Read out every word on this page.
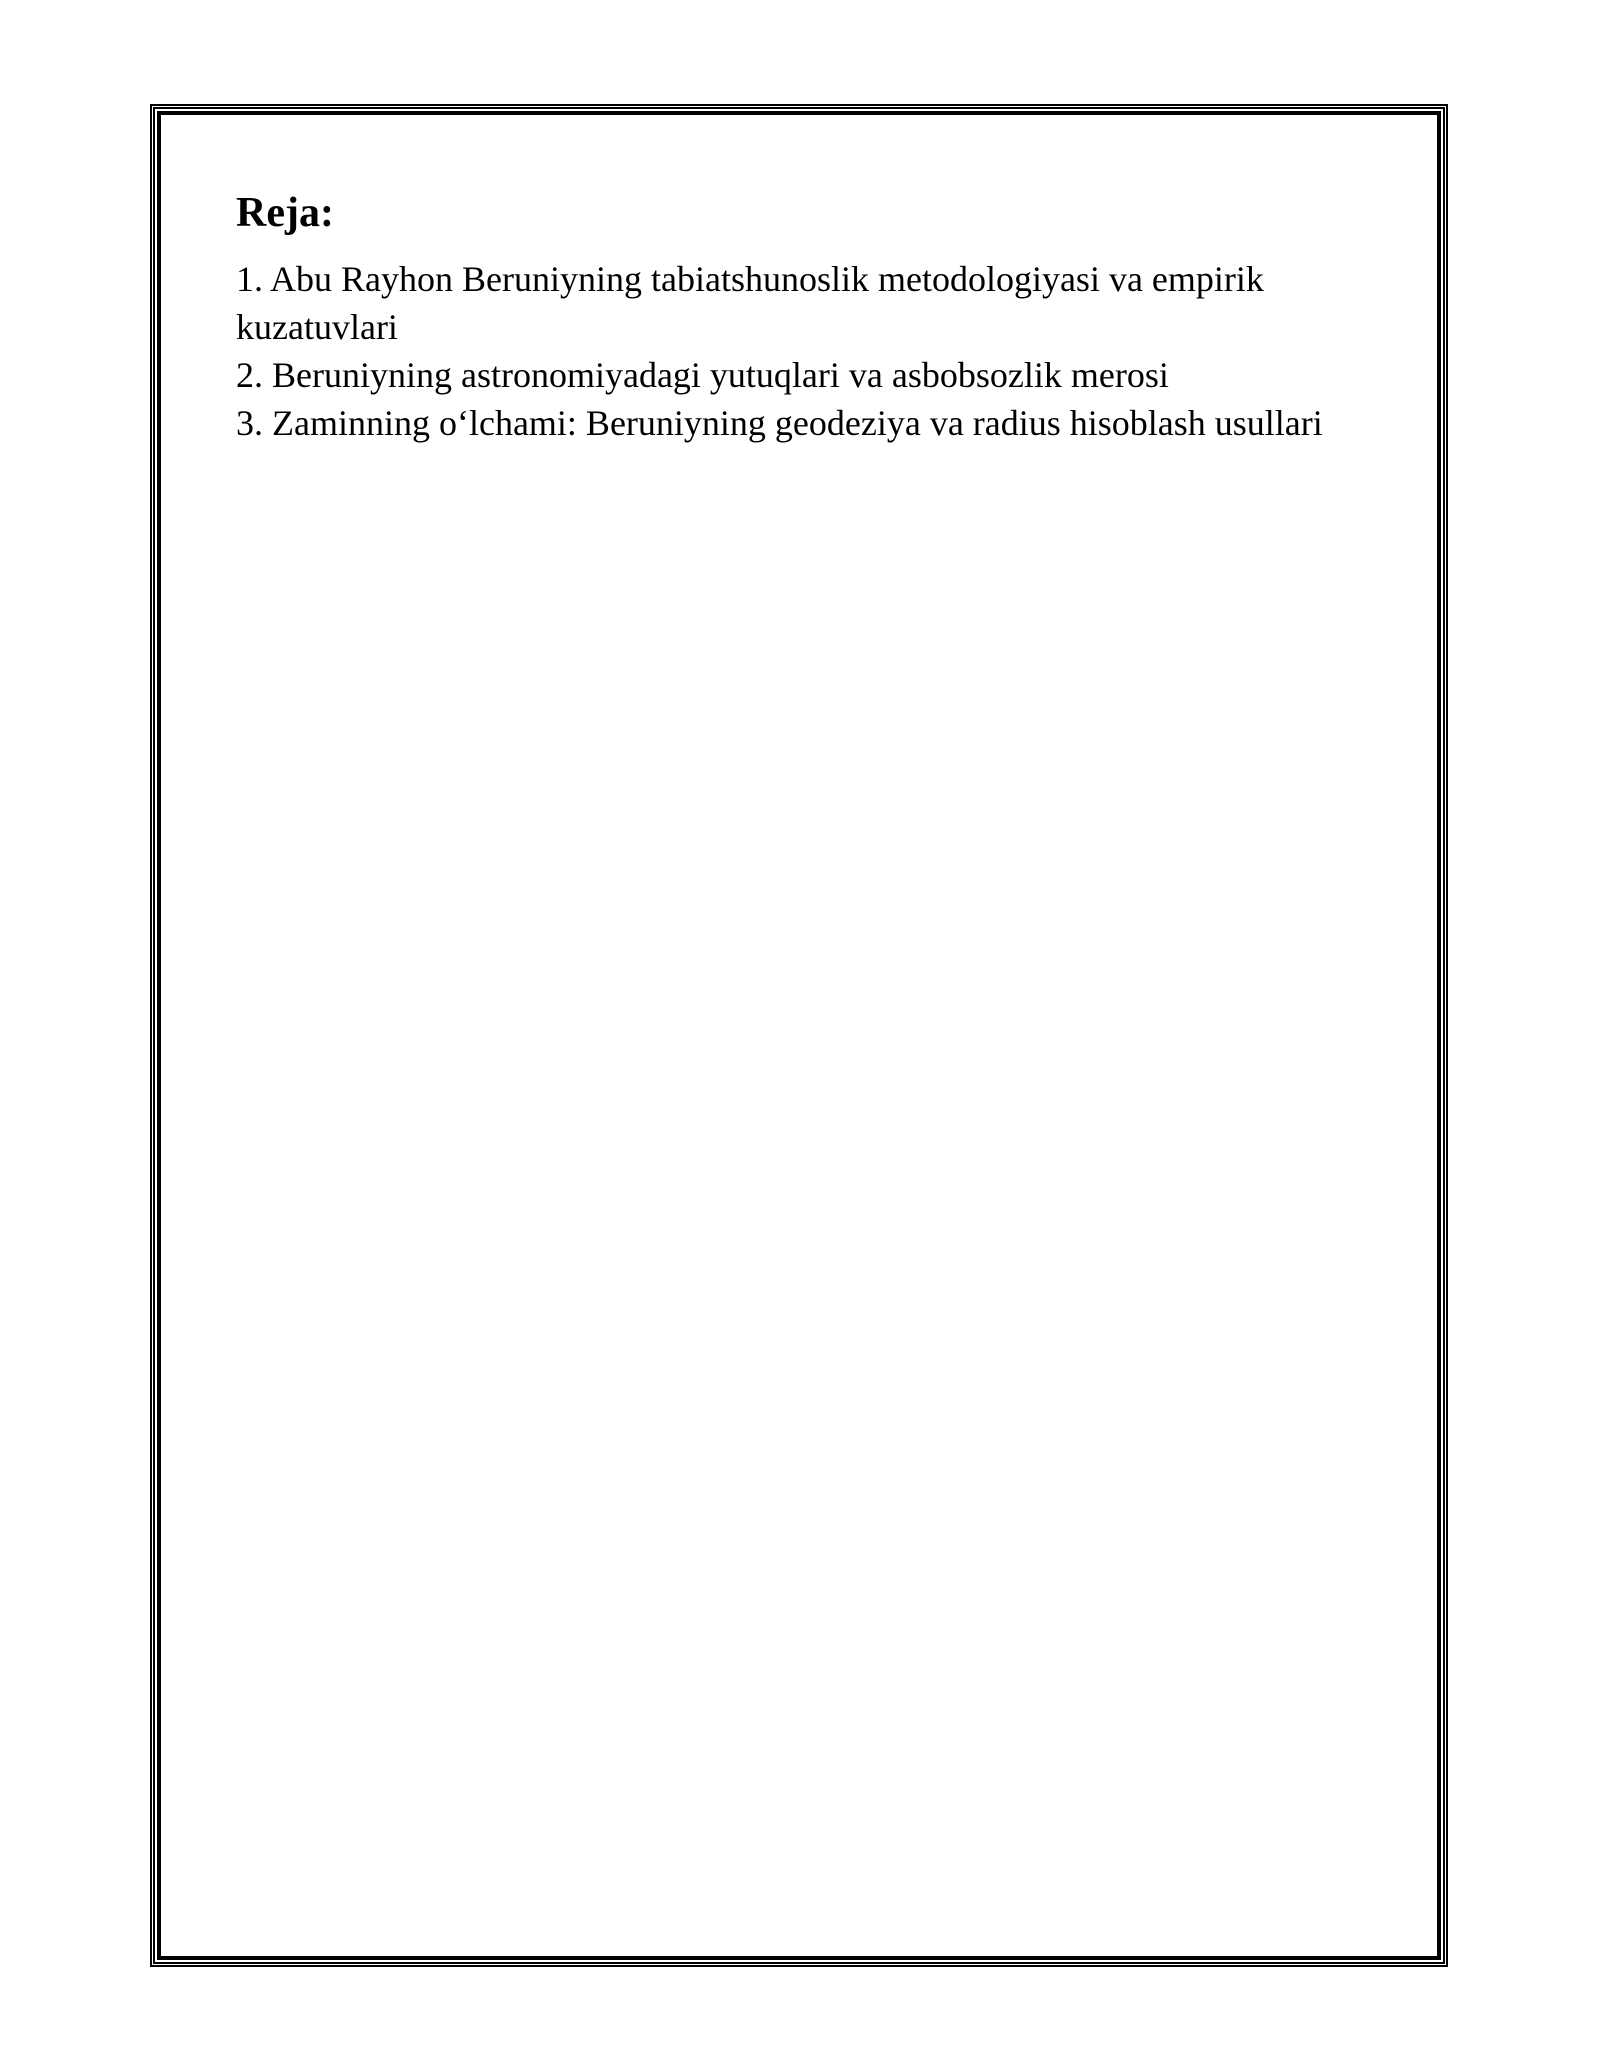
Reja:
1. Abu Rayhon Beruniyning tabiatshunoslik metodologiyasi va empirik kuzatuvlari
2. Beruniyning astronomiyadagi yutuqlari va asbobsozlik merosi
3. Zaminning o‘lchami: Beruniyning geodeziya va radius hisoblash usullari
